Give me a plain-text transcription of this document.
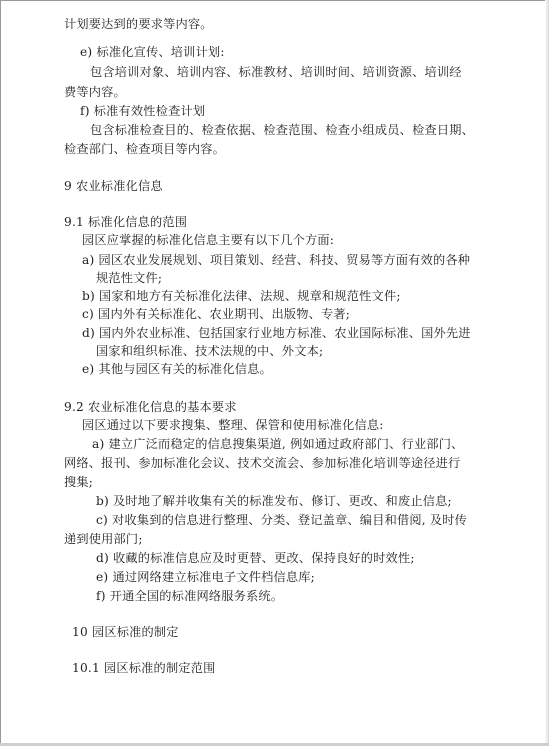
计划要达到的要求等内容。
e) 标准化宣传、培训计划:
包含培训对象、培训内容、标准教材、培训时间、培训资源、培训经
费等内容。
f) 标准有效性检查计划
包含标准检查目的、检查依据、检查范围、检查小组成员、检查日期、
检查部门、检查项目等内容。
9 农业标准化信息
9.1 标准化信息的范围
园区应掌握的标准化信息主要有以下几个方面:
a) 园区农业发展规划、项目策划、经营、科技、贸易等方面有效的各种
规范性文件;
b) 国家和地方有关标准化法律、法规、规章和规范性文件;
c) 国内外有关标准化、农业期刊、出版物、专著;
d) 国内外农业标准、包括国家行业地方标准、农业国际标准、国外先进
国家和组织标准、技术法规的中、外文本;
e) 其他与园区有关的标准化信息。
9.2 农业标准化信息的基本要求
园区通过以下要求搜集、整理、保管和使用标准化信息:
a) 建立广泛而稳定的信息搜集渠道, 例如通过政府部门、行业部门、
网络、报刊、参加标准化会议、技术交流会、参加标准化培训等途径进行
搜集;
b) 及时地了解并收集有关的标准发布、修订、更改、和废止信息;
c) 对收集到的信息进行整理、分类、登记盖章、编目和借阅, 及时传
递到使用部门;
d) 收藏的标准信息应及时更替、更改、保持良好的时效性;
e) 通过网络建立标准电子文件档信息库;
f) 开通全国的标准网络服务系统。
10 园区标准的制定
10.1 园区标准的制定范围
